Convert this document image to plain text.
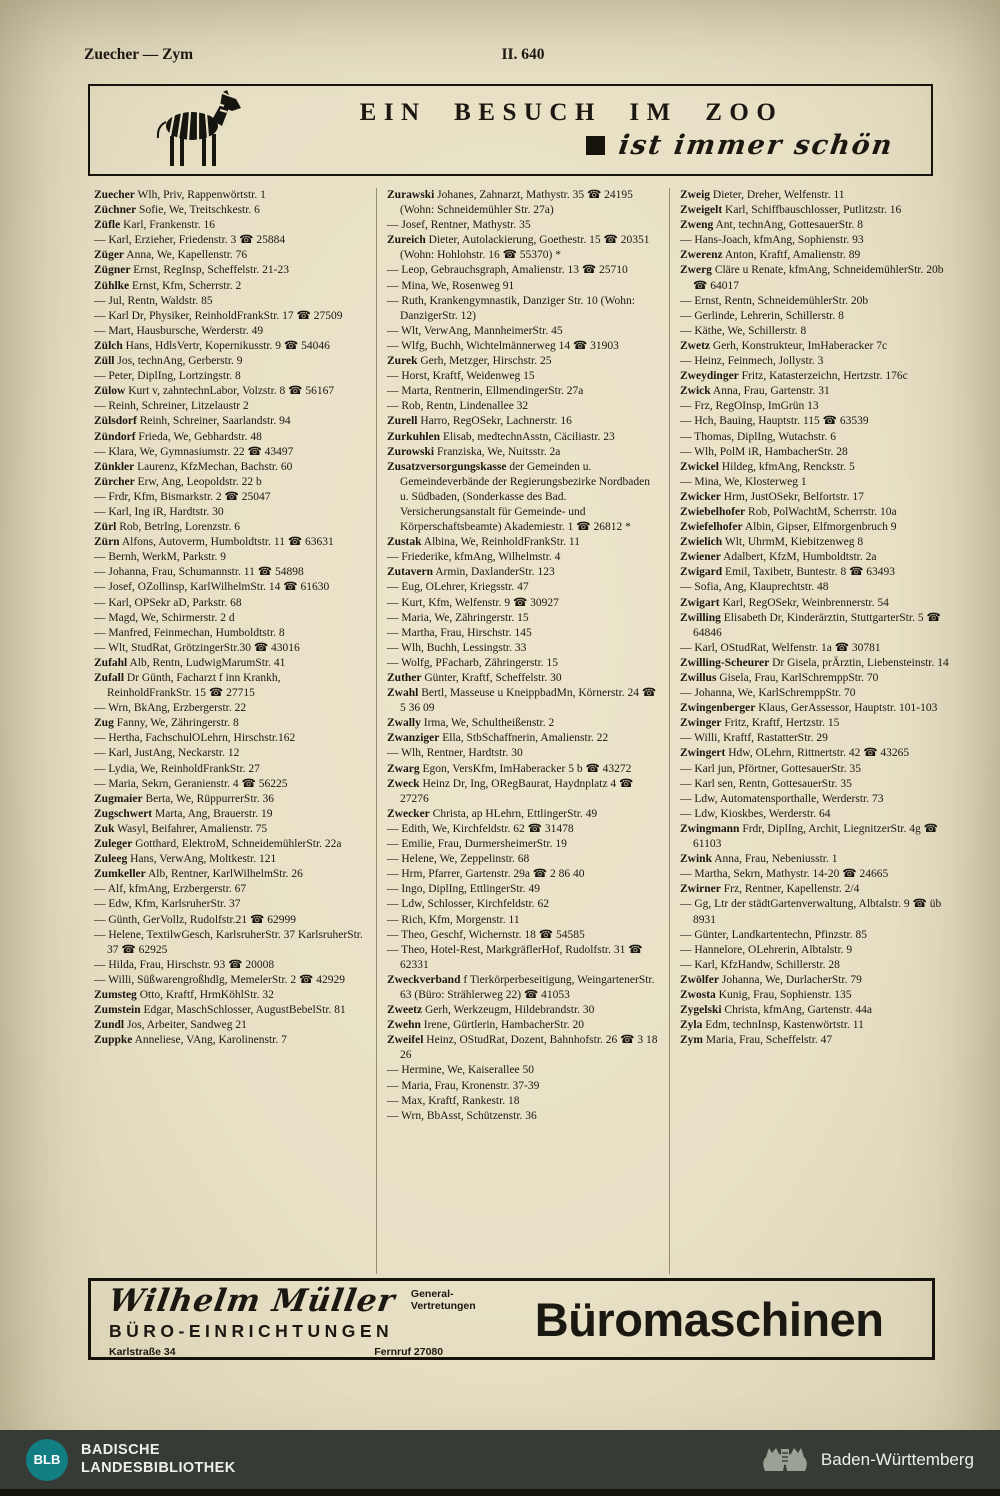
Zuecher — Zym	II. 640
EIN BESUCH IM ZOO
ist immer schön
Zuecher Wlh, Priv, Rappenwörtstr. 1
Züchner Sofie, We, Treitschkestr. 6
Züfle Karl, Frankenstr. 16
— Karl, Erzieher, Friedenstr. 3 ☎ 25884
Züger Anna, We, Kapellenstr. 76
Zügner Ernst, RegInsp, Scheffelstr. 21-23
Zühlke Ernst, Kfm, Scherrstr. 2
— Jul, Rentn, Waldstr. 85
— Karl Dr, Physiker, ReinholdFrankStr. 17 ☎ 27509
— Mart, Hausbursche, Werderstr. 49
Zülch Hans, HdlsVertr, Kopernikusstr. 9 ☎ 54046
Züll Jos, technAng, Gerberstr. 9
— Peter, DiplIng, Lortzingstr. 8
Zülow Kurt v, zahntechnLabor, Volzstr. 8 ☎ 56167
— Reinh, Schreiner, Litzelaustr 2
Zülsdorf Reinh, Schreiner, Saarlandstr. 94
Zündorf Frieda, We, Gebhardstr. 48
— Klara, We, Gymnasiumstr. 22 ☎ 43497
Zünkler Laurenz, KfzMechan, Bachstr. 60
Zürcher Erw, Ang, Leopoldstr. 22 b
— Frdr, Kfm, Bismarkstr. 2 ☎ 25047
— Karl, Ing iR, Hardtstr. 30
Zürl Rob, BetrIng, Lorenzstr. 6
Zürn Alfons, Autoverm, Humboldtstr. 11 ☎ 63631
— Bernh, WerkM, Parkstr. 9
— Johanna, Frau, Schumannstr. 11 ☎ 54898
— Josef, OZollinsp, KarlWilhelmStr. 14 ☎ 61630
— Karl, OPSekr aD, Parkstr. 68
— Magd, We, Schirmerstr. 2 d
— Manfred, Feinmechan, Humboldtstr. 8
— Wlt, StudRat, GrötzingerStr.30 ☎ 43016
Zufahl Alb, Rentn, LudwigMarumStr. 41
Zufall Dr Günth, Facharzt f inn Krankh, ReinholdFrankStr. 15 ☎ 27715
— Wrn, BkAng, Erzbergerstr. 22
Zug Fanny, We, Zähringerstr. 8
— Hertha, FachschulOLehrn, Hirschstr.162
— Karl, JustAng, Neckarstr. 12
— Lydia, We, ReinholdFrankStr. 27
— Maria, Sekrn, Geranienstr. 4 ☎ 56225
Zugmaier Berta, We, RüppurrerStr. 36
Zugschwert Marta, Ang, Brauerstr. 19
Zuk Wasyl, Beifahrer, Amalienstr. 75
Zuleger Gotthard, ElektroM, SchneidemühlerStr. 22a
Zuleeg Hans, VerwAng, Moltkestr. 121
Zumkeller Alb, Rentner, KarlWilhelmStr. 26
— Alf, kfmAng, Erzbergerstr. 67
— Edw, Kfm, KarlsruherStr. 37
— Günth, GerVollz, Rudolfstr.21 ☎ 62999
— Helene, TextilwGesch, KarlsruherStr. 37 KarlsruherStr. 37 ☎ 62925
— Hilda, Frau, Hirschstr. 93 ☎ 20008
— Willi, Süßwarengroßhdlg, MemelerStr. 2 ☎ 42929
Zumsteg Otto, Kraftf, HrmKöhlStr. 32
Zumstein Edgar, MaschSchlosser, AugustBebelStr. 81
Zundl Jos, Arbeiter, Sandweg 21
Zuppke Anneliese, VAng, Karolinenstr. 7
Zurawski Johanes, Zahnarzt, Mathystr. 35 ☎ 24195 (Wohn: Schneidemühler Str. 27a)
— Josef, Rentner, Mathystr. 35
Zureich Dieter, Autolackierung, Goethestr. 15 ☎ 20351 (Wohn: Hohlohstr. 16 ☎ 55370) *
— Leop, Gebrauchsgraph, Amalienstr. 13 ☎ 25710
— Mina, We, Rosenweg 91
— Ruth, Krankengymnastik, Danziger Str. 10 (Wohn: DanzigerStr. 12)
— Wlt, VerwAng, MannheimerStr. 45
— Wlfg, Buchh, Wichtelmännerweg 14 ☎ 31903
Zurek Gerh, Metzger, Hirschstr. 25
— Horst, Kraftf, Weidenweg 15
— Marta, Rentnerin, EllmendingerStr. 27a
— Rob, Rentn, Lindenallee 32
Zurell Harro, RegOSekr, Lachnerstr. 16
Zurkuhlen Elisab, medtechnAsstn, Cäciliastr. 23
Zurowski Franziska, We, Nuitsstr. 2a
Zusatzversorgungskasse der Gemeinden u. Gemeindeverbände der Regierungsbezirke Nordbaden u. Südbaden, (Sonderkasse des Bad. Versicherungsanstalt für Gemeinde- und Körperschaftsbeamte) Akademiestr. 1 ☎ 26812 *
Zustak Albina, We, ReinholdFrankStr. 11
— Friederike, kfmAng, Wilhelmstr. 4
Zutavern Armin, DaxlanderStr. 123
— Eug, OLehrer, Kriegsstr. 47
— Kurt, Kfm, Welfenstr. 9 ☎ 30927
— Maria, We, Zähringerstr. 15
— Martha, Frau, Hirschstr. 145
— Wlh, Buchh, Lessingstr. 33
— Wolfg, PFacharb, Zähringerstr. 15
Zuther Günter, Kraftf, Scheffelstr. 30
Zwahl Bertl, Masseuse u KneippbadMn, Körnerstr. 24 ☎ 5 36 09
Zwally Irma, We, Schultheißenstr. 2
Zwanziger Ella, StbSchaffnerin, Amalienstr. 22
— Wlh, Rentner, Hardtstr. 30
Zwarg Egon, VersKfm, ImHaberacker 5 b ☎ 43272
Zweck Heinz Dr, Ing, ORegBaurat, Haydnplatz 4 ☎ 27276
Zwecker Christa, ap HLehrn, EttlingerStr. 49
— Edith, We, Kirchfeldstr. 62 ☎ 31478
— Emilie, Frau, DurmersheimerStr. 19
— Helene, We, Zeppelinstr. 68
— Hrm, Pfarrer, Gartenstr. 29a ☎ 2 86 40
— Ingo, DiplIng, EttlingerStr. 49
— Ldw, Schlosser, Kirchfeldstr. 62
— Rich, Kfm, Morgenstr. 11
— Theo, Geschf, Wichernstr. 18 ☎ 54585
— Theo, Hotel-Rest, MarkgräflerHof, Rudolfstr. 31 ☎ 62331
Zweckverband f Tierkörperbeseitigung, WeingartenerStr. 63 (Büro: Strählerweg 22) ☎ 41053
Zweetz Gerh, Werkzeugm, Hildebrandstr. 30
Zwehn Irene, Gürtlerin, HambacherStr. 20
Zweifel Heinz, OStudRat, Dozent, Bahnhofstr. 26 ☎ 3 18 26
— Hermine, We, Kaiserallee 50
— Maria, Frau, Kronenstr. 37-39
— Max, Kraftf, Rankestr. 18
— Wrn, BbAsst, Schützenstr. 36
Zweig Dieter, Dreher, Welfenstr. 11
Zweigelt Karl, Schiffbauschlosser, Putlitzstr. 16
Zweng Ant, technAng, GottesauerStr. 8
— Hans-Joach, kfmAng, Sophienstr. 93
Zwerenz Anton, Kraftf, Amalienstr. 89
Zwerg Cläre u Renate, kfmAng, SchneidemühlerStr. 20b ☎ 64017
— Ernst, Rentn, SchneidemühlerStr. 20b
— Gerlinde, Lehrerin, Schillerstr. 8
— Käthe, We, Schillerstr. 8
Zwetz Gerh, Konstrukteur, ImHaberacker 7c
— Heinz, Feinmech, Jollystr. 3
Zweydinger Fritz, Katasterzeichn, Hertzstr. 176c
Zwick Anna, Frau, Gartenstr. 31
— Frz, RegOInsp, ImGrün 13
— Hch, Bauing, Hauptstr. 115 ☎ 63539
— Thomas, DiplIng, Wutachstr. 6
— Wlh, PolM iR, HambacherStr. 28
Zwickel Hildeg, kfmAng, Renckstr. 5
— Mina, We, Klosterweg 1
Zwicker Hrm, JustOSekr, Belfortstr. 17
Zwiebelhofer Rob, PolWachtM, Scherrstr. 10a
Zwiefelhofer Albin, Gipser, Elfmorgenbruch 9
Zwielich Wlt, UhrmM, Kiebitzenweg 8
Zwiener Adalbert, KfzM, Humboldtstr. 2a
Zwigard Emil, Taxibetr, Buntestr. 8 ☎ 63493
— Sofia, Ang, Klauprechtstr. 48
Zwigart Karl, RegOSekr, Weinbrennerstr. 54
Zwilling Elisabeth Dr, Kinderärztin, StuttgarterStr. 5 ☎ 64846
— Karl, OStudRat, Welfenstr. 1a ☎ 30781
Zwilling-Scheurer Dr Gisela, prÄrztin, Liebensteinstr. 14
Zwillus Gisela, Frau, KarlSchremppStr. 70
— Johanna, We, KarlSchremppStr. 70
Zwingenberger Klaus, GerAssessor, Hauptstr. 101-103
Zwinger Fritz, Kraftf, Hertzstr. 15
— Willi, Kraftf, RastatterStr. 29
Zwingert Hdw, OLehrn, Rittnertstr. 42 ☎ 43265
— Karl jun, Pförtner, GottesauerStr. 35
— Karl sen, Rentn, GottesauerStr. 35
— Ldw, Automatensporthalle, Werderstr. 73
— Ldw, Kioskbes, Werderstr. 64
Zwingmann Frdr, DiplIng, Archit, LiegnitzerStr. 4g ☎ 61103
Zwink Anna, Frau, Nebeniusstr. 1
— Martha, Sekrn, Mathystr. 14-20 ☎ 24665
Zwirner Frz, Rentner, Kapellenstr. 2/4
— Gg, Ltr der städtGartenverwaltung, Albtalstr. 9 ☎ üb 8931
— Günter, Landkartentechn, Pfinzstr. 85
— Hannelore, OLehrerin, Albtalstr. 9
— Karl, KfzHandw, Schillerstr. 28
Zwölfer Johanna, We, DurlacherStr. 79
Zwosta Kunig, Frau, Sophienstr. 135
Zygelski Christa, kfmAng, Gartenstr. 44a
Zyla Edm, technInsp, Kastenwörtstr. 11
Zym Maria, Frau, Scheffelstr. 47
Wilhelm Müller General-
Vertretungen
BÜRO-EINRICHTUNGEN
Karlstraße 34	Fernruf 27080
Büromaschinen
BLB
BADISCHE
LANDESBIBLIOTHEK	Baden-Württemberg
